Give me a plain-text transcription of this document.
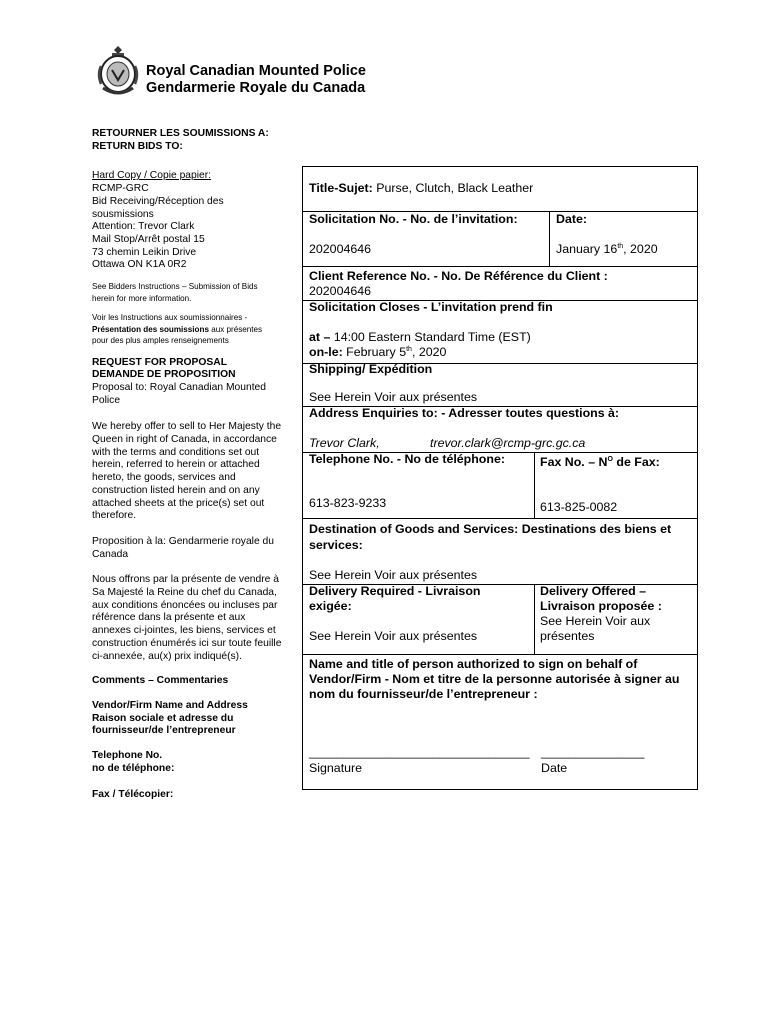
Royal Canadian Mounted Police
Gendarmerie Royale du Canada
RETOURNER LES SOUMISSIONS A:
RETURN BIDS TO:
Hard Copy / Copie papier:
RCMP-GRC
Bid Receiving/Réception des
sousmissions
Attention: Trevor Clark
Mail Stop/Arrêt postal 15
73 chemin Leikin Drive
Ottawa ON K1A 0R2
See Bidders Instructions – Submission of Bids
herein for more information.
Voir les Instructions aux soumissionnaires -
Présentation des soumissions aux présentes
pour des plus amples renseignements
REQUEST FOR PROPOSAL
DEMANDE DE PROPOSITION
Proposal to: Royal Canadian Mounted
Police
We hereby offer to sell to Her Majesty the
Queen in right of Canada, in accordance
with the terms and conditions set out
herein, referred to herein or attached
hereto, the goods, services and
construction listed herein and on any
attached sheets at the price(s) set out
therefore.
Proposition à la: Gendarmerie royale du
Canada
Nous offrons par la présente de vendre à
Sa Majesté la Reine du chef du Canada,
aux conditions énoncées ou incluses par
référence dans la présente et aux
annexes ci-jointes, les biens, services et
construction énumérés ici sur toute feuille
ci-annexée, au(x) prix indiqué(s).
Comments – Commentaries
Vendor/Firm Name and Address
Raison sociale et adresse du
fournisseur/de l’entrepreneur
Telephone No.
no de téléphone:
Fax / Télécopier:
Title-Sujet: Purse, Clutch, Black Leather
Solicitation No. - No. de l’invitation:
202004646
Date:
January 16th, 2020
Client Reference No. - No. De Référence du Client :
202004646
Solicitation Closes - L’invitation prend fin
at – 14:00 Eastern Standard Time (EST)
on-le: February 5th, 2020
Shipping/ Expédition
See Herein Voir aux présentes
Address Enquiries to: - Adresser toutes questions à:
Trevor Clark,	trevor.clark@rcmp-grc.gc.ca
Telephone No. - No de téléphone:
613-823-9233
Fax No. – $N^O$ de Fax:
613-825-0082
Destination of Goods and Services: Destinations des biens et
services:
See Herein Voir aux présentes
Delivery Required - Livraison
exigée:
See Herein Voir aux présentes
Delivery Offered –
Livraison proposée :
See Herein Voir aux
présentes
Name and title of person authorized to sign on behalf of
Vendor/Firm - Nom et titre de la personne autorisée à signer au
nom du fournisseur/de l’entrepreneur :
________________________________ _______________
Signature	Date
